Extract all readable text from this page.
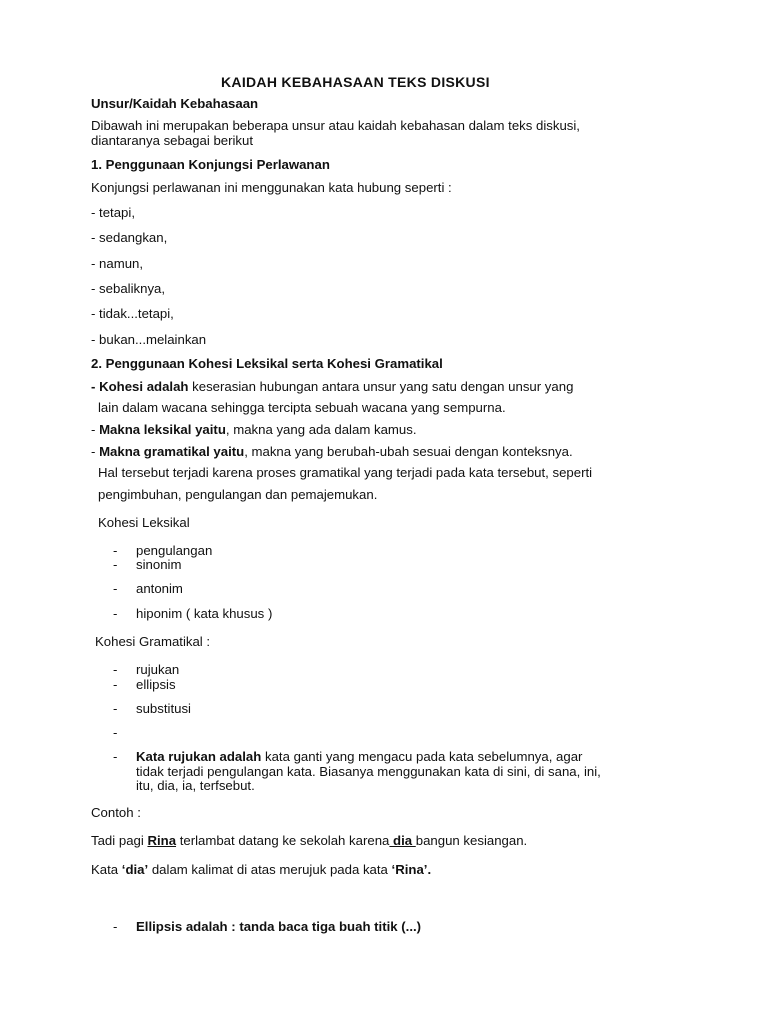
KAIDAH KEBAHASAAN TEKS DISKUSI
Unsur/Kaidah Kebahasaan
Dibawah ini merupakan beberapa unsur atau kaidah kebahasan dalam teks diskusi,
diantaranya sebagai berikut
1. Penggunaan Konjungsi Perlawanan
Konjungsi perlawanan ini menggunakan kata hubung seperti :
- tetapi,
- sedangkan,
- namun,
- sebaliknya,
- tidak...tetapi,
- bukan...melainkan
2. Penggunaan Kohesi Leksikal serta Kohesi Gramatikal
- Kohesi adalah keserasian hubungan antara unsur yang satu dengan unsur yang
lain dalam wacana sehingga tercipta sebuah wacana yang sempurna.
- Makna leksikal yaitu, makna yang ada dalam kamus.
- Makna gramatikal yaitu, makna yang berubah-ubah sesuai dengan konteksnya.
Hal tersebut terjadi karena proses gramatikal yang terjadi pada kata tersebut, seperti
pengimbuhan, pengulangan dan pemajemukan.
Kohesi Leksikal
- pengulangan
- sinonim
- antonim
- hiponim ( kata khusus )
Kohesi Gramatikal :
- rujukan
- ellipsis
- substitusi
-
- Kata rujukan adalah kata ganti yang mengacu pada kata sebelumnya, agar
tidak terjadi pengulangan kata. Biasanya menggunakan kata di sini, di sana, ini,
itu, dia, ia, terfsebut.
Contoh :
Tadi pagi Rina terlambat datang ke sekolah karena dia bangun kesiangan.
Kata ‘dia’ dalam kalimat di atas merujuk pada kata ‘Rina’.
- Ellipsis adalah : tanda baca tiga buah titik (...)
